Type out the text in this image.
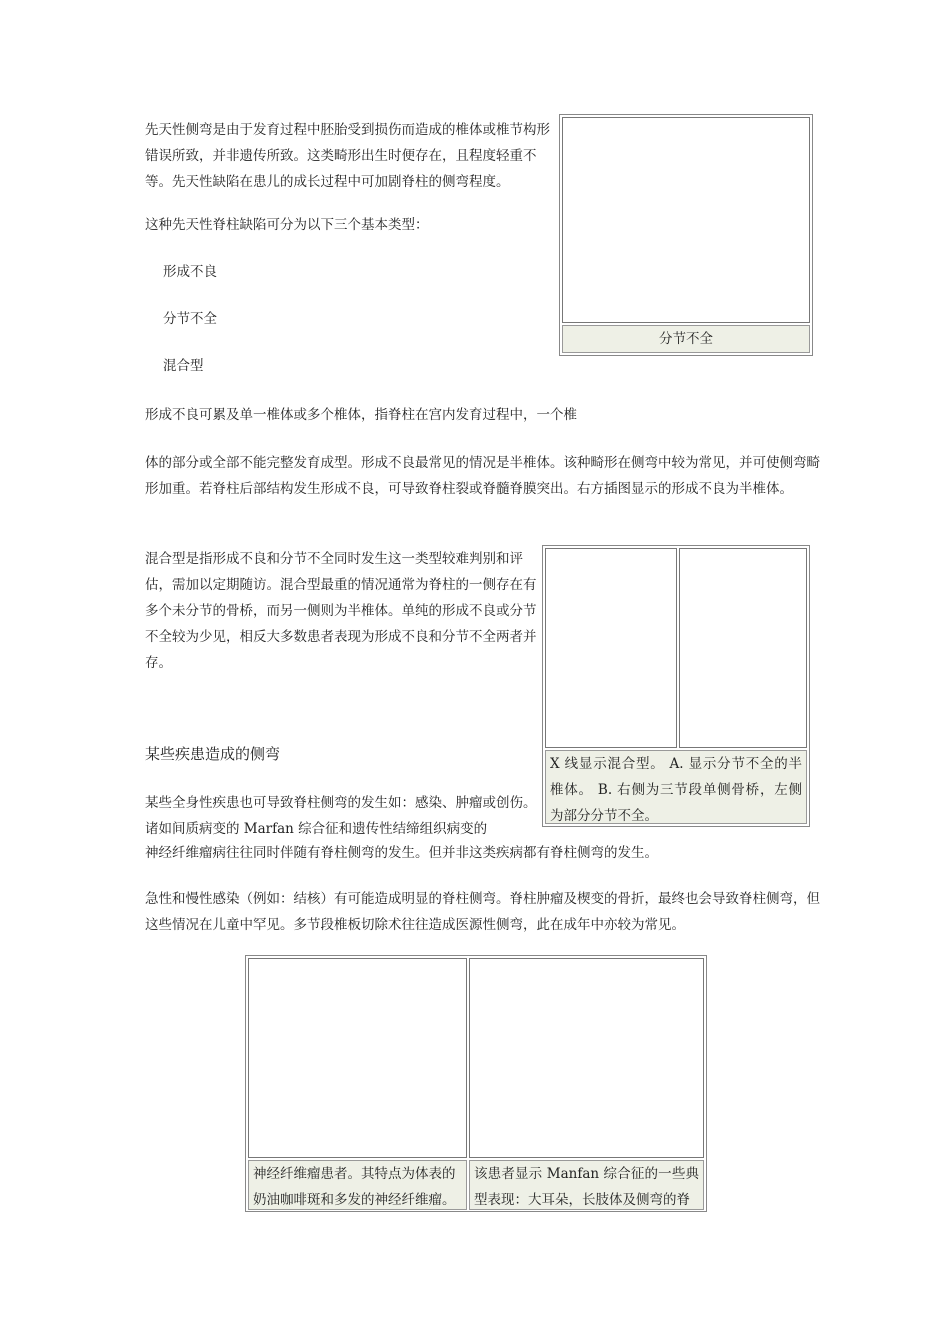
先天性侧弯是由于发育过程中胚胎受到损伤而造成的椎体或椎节构形错误所致，并非遗传所致。这类畸形出生时便存在，且程度轻重不等。先天性缺陷在患儿的成长过程中可加剧脊柱的侧弯程度。

这种先天性脊柱缺陷可分为以下三个基本类型：

形成不良

分节不全

混合型

形成不良可累及单一椎体或多个椎体，指脊柱在宫内发育过程中，一个椎

体的部分或全部不能完整发育成型。形成不良最常见的情况是半椎体。该种畸形在侧弯中较为常见，并可使侧弯畸形加重。若脊柱后部结构发生形成不良，可导致脊柱裂或脊髓脊膜突出。右方插图显示的形成不良为半椎体。

分节不全

混合型是指形成不良和分节不全同时发生这一类型较难判别和评估，需加以定期随访。混合型最重的情况通常为脊柱的一侧存在有多个未分节的骨桥，而另一侧则为半椎体。单纯的形成不良或分节不全较为少见，相反大多数患者表现为形成不良和分节不全两者并存。

X 线显示混合型。 A. 显示分节不全的半椎体。 B. 右侧为三节段单侧骨桥，左侧为部分分节不全。

某些疾患造成的侧弯

某些全身性疾患也可导致脊柱侧弯的发生如：感染、肿瘤或创伤。诸如间质病变的 Marfan 综合征和遗传性结缔组织病变的

神经纤维瘤病往往同时伴随有脊柱侧弯的发生。但并非这类疾病都有脊柱侧弯的发生。

急性和慢性感染（例如：结核）有可能造成明显的脊柱侧弯。脊柱肿瘤及楔变的骨折，最终也会导致脊柱侧弯，但这些情况在儿童中罕见。多节段椎板切除术往往造成医源性侧弯，此在成年中亦较为常见。

神经纤维瘤患者。其特点为体表的奶油咖啡斑和多发的神经纤维瘤。
该患者显示 Manfan 综合征的一些典型表现：大耳朵，长肢体及侧弯的脊
